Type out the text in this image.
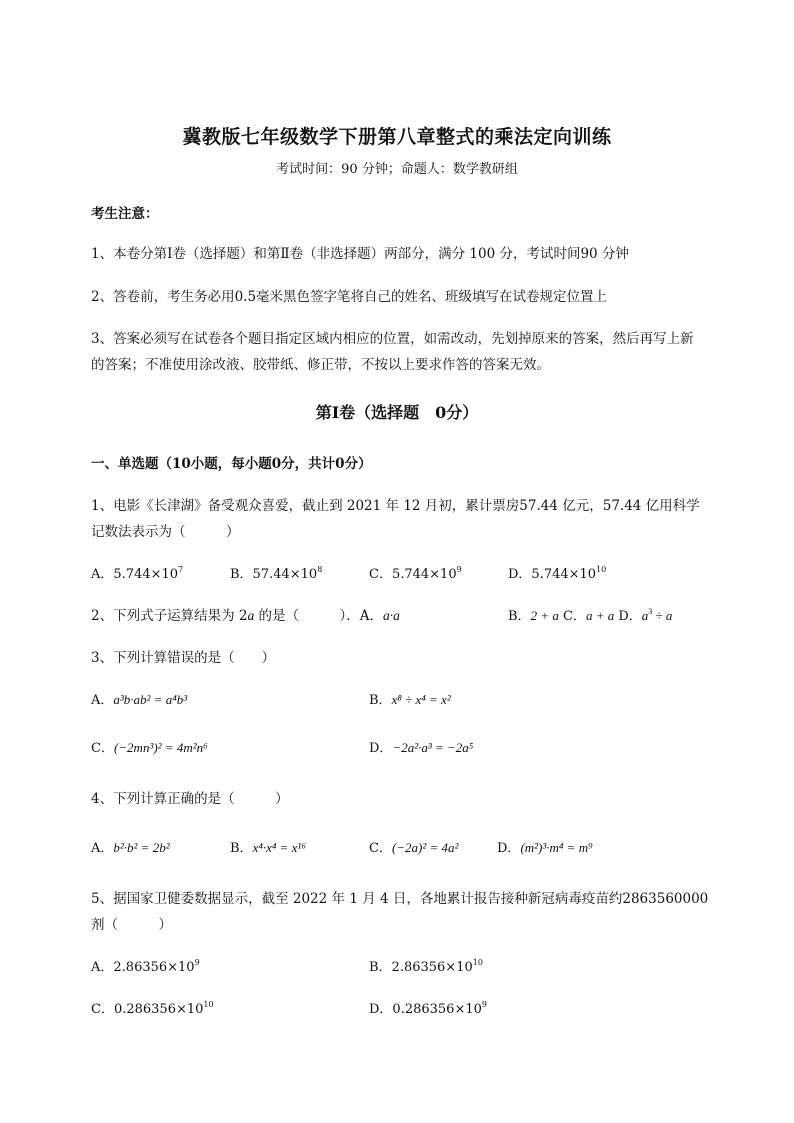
冀教版七年级数学下册第八章整式的乘法定向训练
考试时间：90 分钟；命题人：数学教研组
考生注意：
1、本卷分第Ⅰ卷（选择题）和第Ⅱ卷（非选择题）两部分，满分 100 分，考试时间90 分钟
2、答卷前，考生务必用0.5毫米黑色签字笔将自己的姓名、班级填写在试卷规定位置上
3、答案必须写在试卷各个题目指定区域内相应的位置，如需改动，先划掉原来的答案，然后再写上新
的答案；不准使用涂改液、胶带纸、修正带，不按以上要求作答的答案无效。
第Ⅰ卷（选择题　0分）
一、单选题（10小题，每小题0分，共计0分）
1、电影《长津湖》备受观众喜爱，截止到 2021 年 12 月初，累计票房57.44 亿元，57.44 亿用科学
记数法表示为（　　　）
A．$5.744\times 10^7$	B．$57.44\times 10^8$	C．$5.744\times 10^9$	D．$5.744\times 10^{10}$
2、下列式子运算结果为 2a 的是（　　　）．A．a·a	B．2 + a C．a + a D．$a^3 \div a$
3、下列计算错误的是（　　）
A．a³b·ab² = a⁴b³	B．x⁸ ÷ x⁴ = x²
C．(−2mn³)² = 4m²n⁶	D．−2a²·a³ = −2a⁵
4、下列计算正确的是（　　　）
A．b²·b² = 2b²	B．x⁴·x⁴ = x¹⁶	C．(−2a)² = 4a²	D．(m²)³·m⁴ = m⁹
5、据国家卫健委数据显示，截至 2022 年 1 月 4 日，各地累计报告接种新冠病毒疫苗约2863560000
剂（　　　）
A．$2.86356\times 10^9$	B．$2.86356\times 10^{10}$
C．$0.286356\times 10^{10}$	D．$0.286356\times 10^9$
